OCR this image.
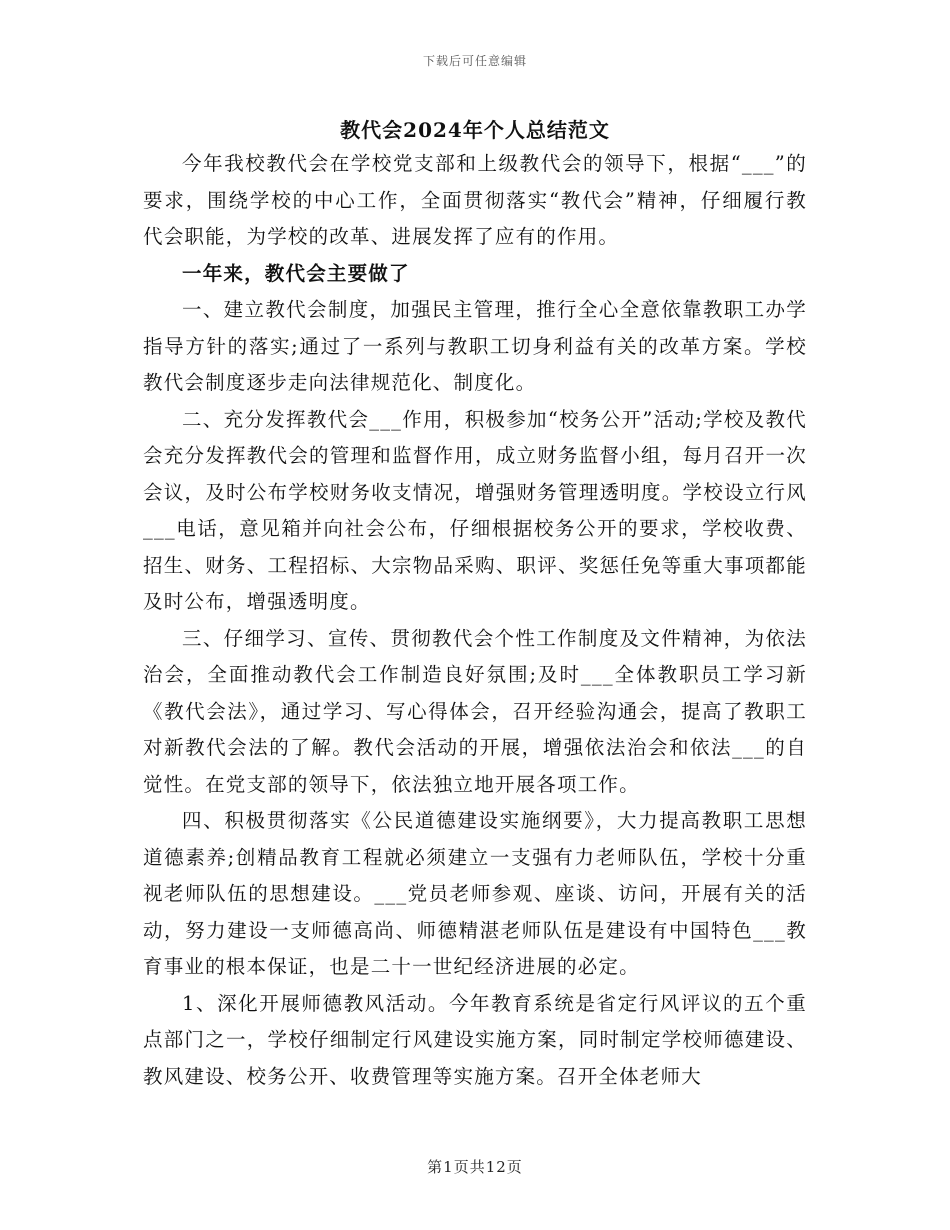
下载后可任意编辑
教代会2024年个人总结范文

今年我校教代会在学校党支部和上级教代会的领导下，根据“___”的要求，围绕学校的中心工作，全面贯彻落实“教代会”精神，仔细履行教代会职能，为学校的改革、进展发挥了应有的作用。

一年来，教代会主要做了

一、建立教代会制度，加强民主管理，推行全心全意依靠教职工办学指导方针的落实;通过了一系列与教职工切身利益有关的改革方案。学校教代会制度逐步走向法律规范化、制度化。

二、充分发挥教代会___作用，积极参加“校务公开”活动;学校及教代会充分发挥教代会的管理和监督作用，成立财务监督小组，每月召开一次会议，及时公布学校财务收支情况，增强财务管理透明度。学校设立行风___电话，意见箱并向社会公布，仔细根据校务公开的要求，学校收费、招生、财务、工程招标、大宗物品采购、职评、奖惩任免等重大事项都能及时公布，增强透明度。

三、仔细学习、宣传、贯彻教代会个性工作制度及文件精神，为依法治会，全面推动教代会工作制造良好氛围;及时___全体教职员工学习新《教代会法》，通过学习、写心得体会，召开经验沟通会，提高了教职工对新教代会法的了解。教代会活动的开展，增强依法治会和依法___的自觉性。在党支部的领导下，依法独立地开展各项工作。

四、积极贯彻落实《公民道德建设实施纲要》，大力提高教职工思想道德素养;创精品教育工程就必须建立一支强有力老师队伍，学校十分重视老师队伍的思想建设。___党员老师参观、座谈、访问，开展有关的活动，努力建设一支师德高尚、师德精湛老师队伍是建设有中国特色___教育事业的根本保证，也是二十一世纪经济进展的必定。

1、深化开展师德教风活动。今年教育系统是省定行风评议的五个重点部门之一，学校仔细制定行风建设实施方案，同时制定学校师德建设、教风建设、校务公开、收费管理等实施方案。召开全体老师大

第1页共12页
